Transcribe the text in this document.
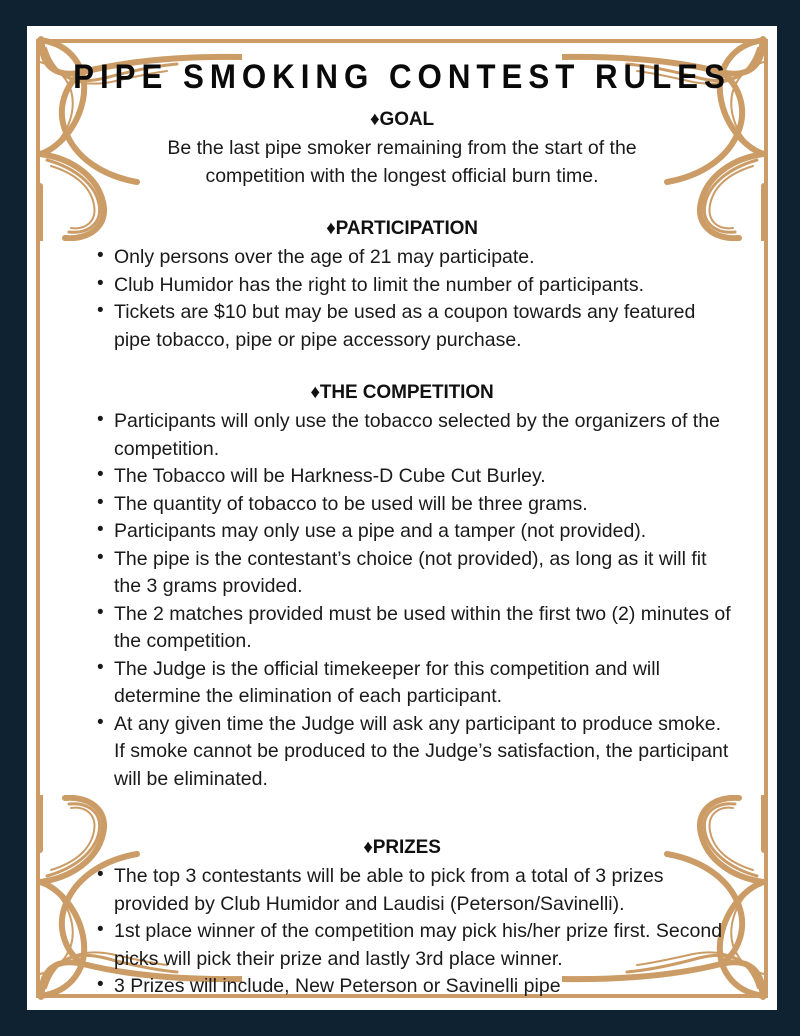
PIPE SMOKING CONTEST RULES
♦GOAL

Be the last pipe smoker remaining from the start of the competition with the longest official burn time.

♦PARTICIPATION
• Only persons over the age of 21 may participate.
• Club Humidor has the right to limit the number of participants.
• Tickets are $10 but may be used as a coupon towards any featured pipe tobacco, pipe or pipe accessory purchase.
♦THE COMPETITION
• Participants will only use the tobacco selected by the organizers of the competition.
• The Tobacco will be Harkness-D Cube Cut Burley.
• The quantity of tobacco to be used will be three grams.
• Participants may only use a pipe and a tamper (not provided).
• The pipe is the contestant’s choice (not provided), as long as it will fit the 3 grams provided.
• The 2 matches provided must be used within the first two (2) minutes of the competition.
• The Judge is the official timekeeper for this competition and will determine the elimination of each participant.
• At any given time the Judge will ask any participant to produce smoke. If smoke cannot be produced to the Judge’s satisfaction, the participant will be eliminated.
♦PRIZES
• The top 3 contestants will be able to pick from a total of 3 prizes provided by Club Humidor and Laudisi (Peterson/Savinelli).
• 1st place winner of the competition may pick his/her prize first. Second picks will pick their prize and lastly 3rd place winner.
• 3 Prizes will include, New Peterson or Savinelli pipe
